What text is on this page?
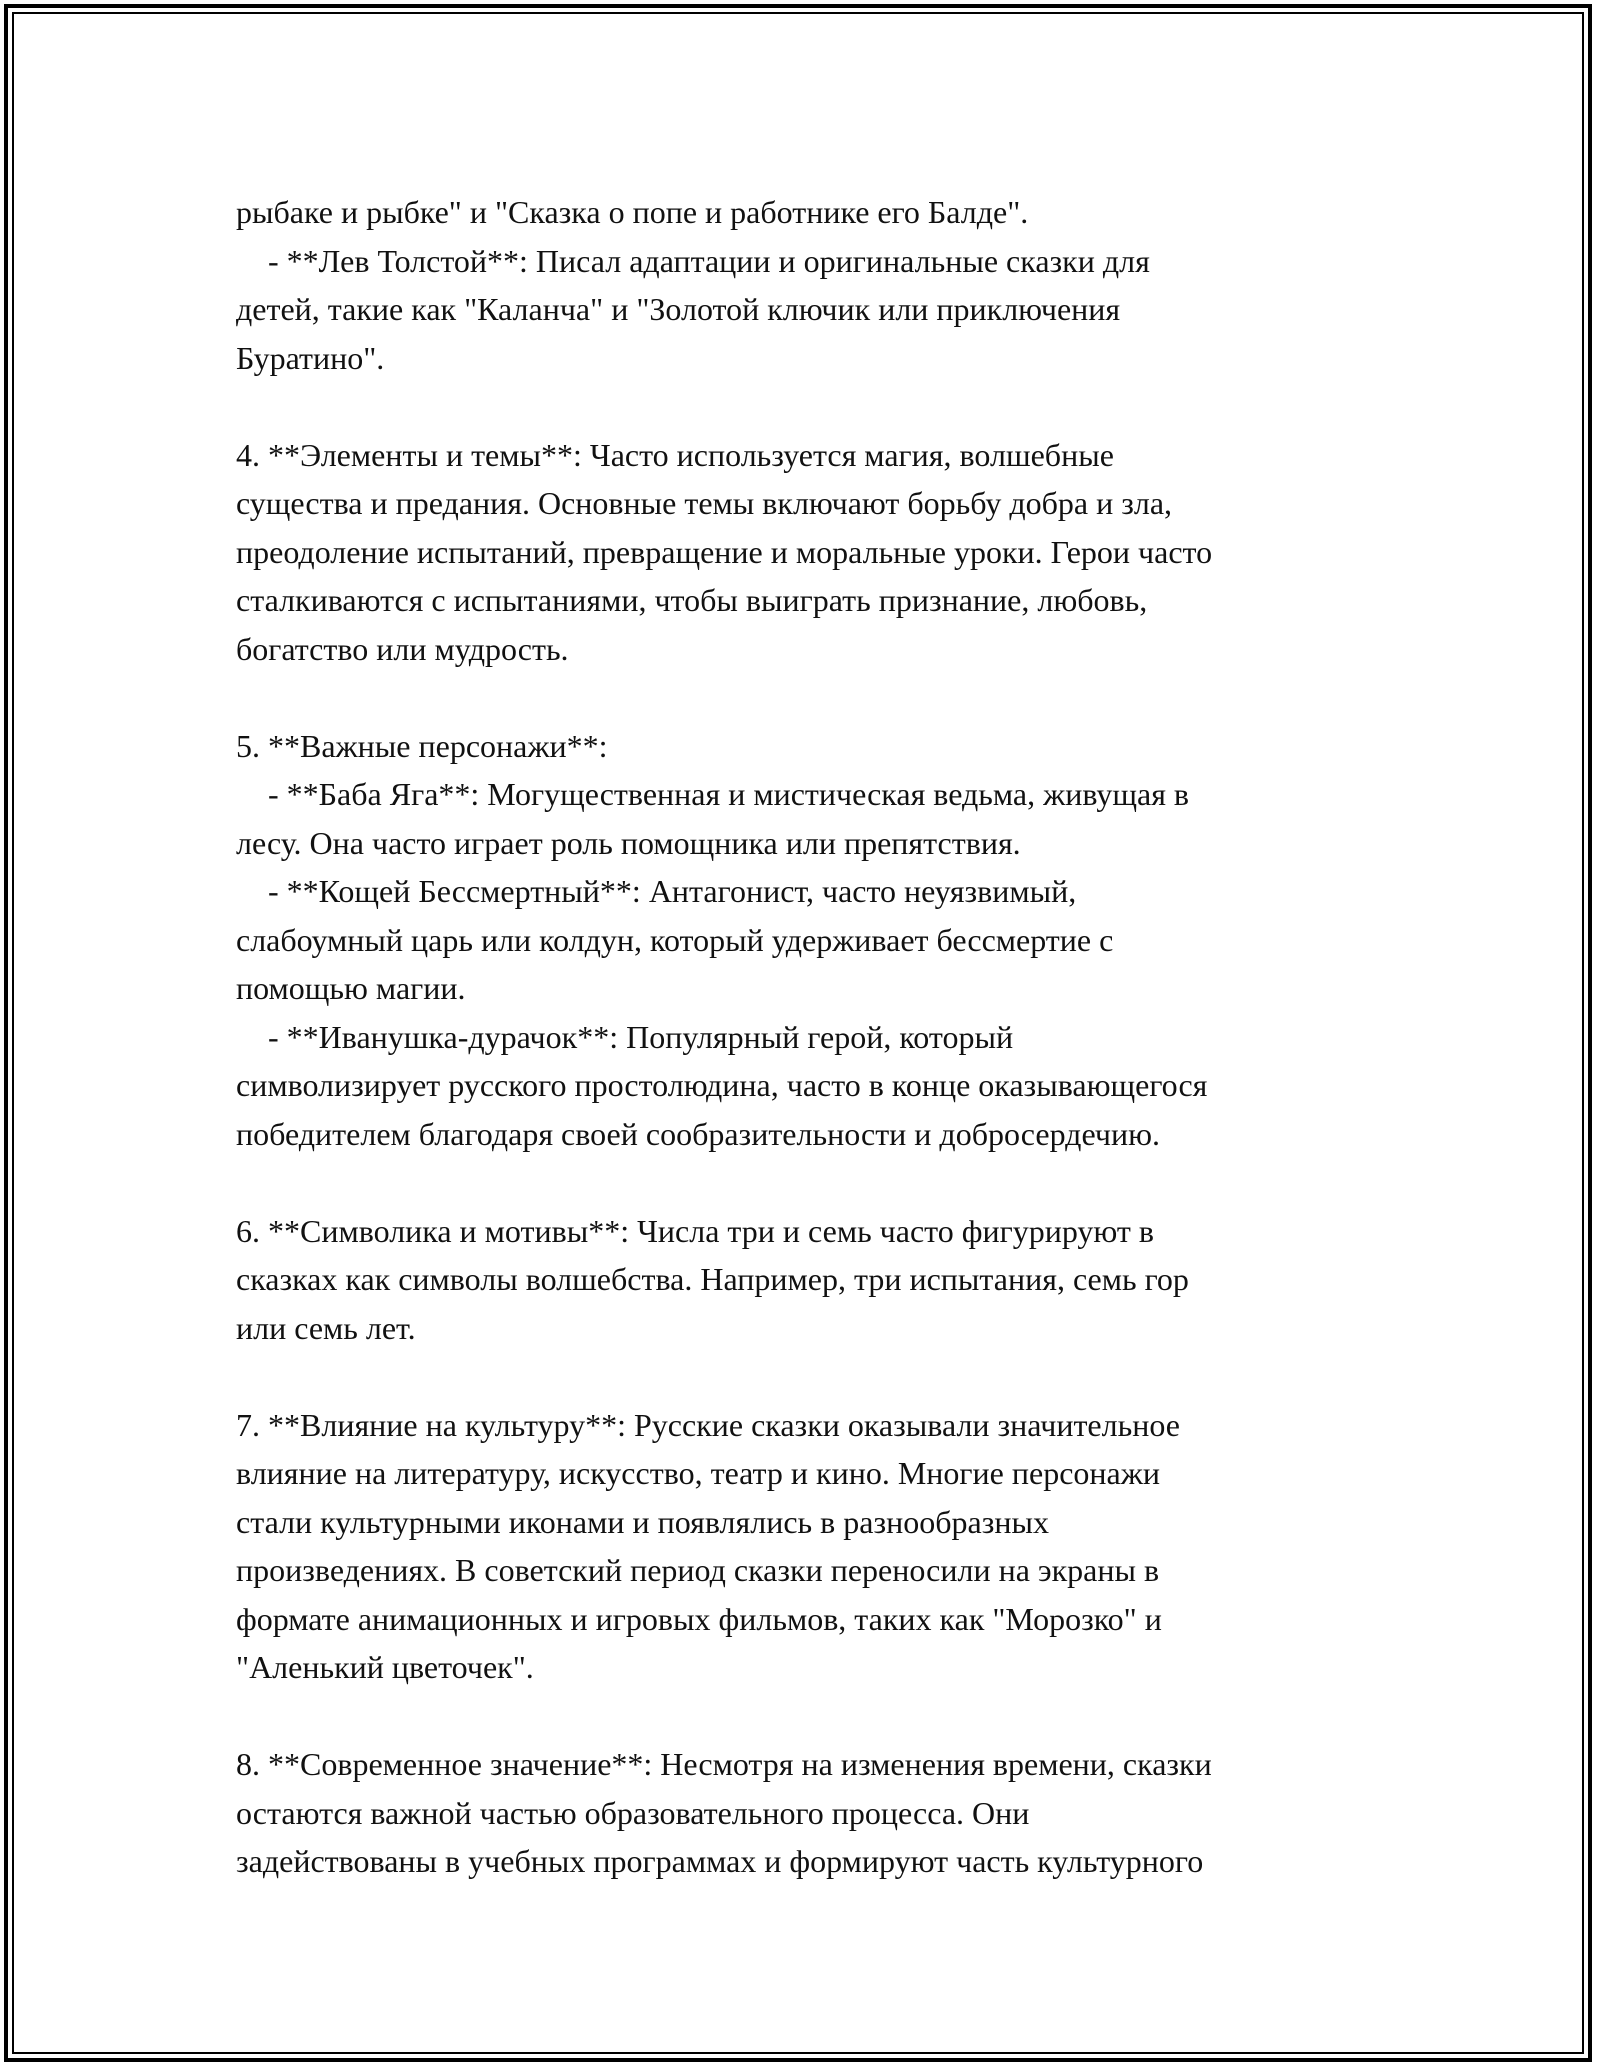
рыбаке и рыбке" и "Сказка о попе и работнике его Балде".
- **Лев Толстой**: Писал адаптации и оригинальные сказки для
детей, такие как "Каланча" и "Золотой ключик или приключения
Буратино".
4. **Элементы и темы**: Часто используется магия, волшебные
существа и предания. Основные темы включают борьбу добра и зла,
преодоление испытаний, превращение и моральные уроки. Герои часто
сталкиваются с испытаниями, чтобы выиграть признание, любовь,
богатство или мудрость.
5. **Важные персонажи**:
- **Баба Яга**: Могущественная и мистическая ведьма, живущая в
лесу. Она часто играет роль помощника или препятствия.
- **Кощей Бессмертный**: Антагонист, часто неуязвимый,
слабоумный царь или колдун, который удерживает бессмертие с
помощью магии.
- **Иванушка-дурачок**: Популярный герой, который
символизирует русского простолюдина, часто в конце оказывающегося
победителем благодаря своей сообразительности и добросердечию.
6. **Символика и мотивы**: Числа три и семь часто фигурируют в
сказках как символы волшебства. Например, три испытания, семь гор
или семь лет.
7. **Влияние на культуру**: Русские сказки оказывали значительное
влияние на литературу, искусство, театр и кино. Многие персонажи
стали культурными иконами и появлялись в разнообразных
произведениях. В советский период сказки переносили на экраны в
формате анимационных и игровых фильмов, таких как "Морозко" и
"Аленький цветочек".
8. **Современное значение**: Несмотря на изменения времени, сказки
остаются важной частью образовательного процесса. Они
задействованы в учебных программах и формируют часть культурного
